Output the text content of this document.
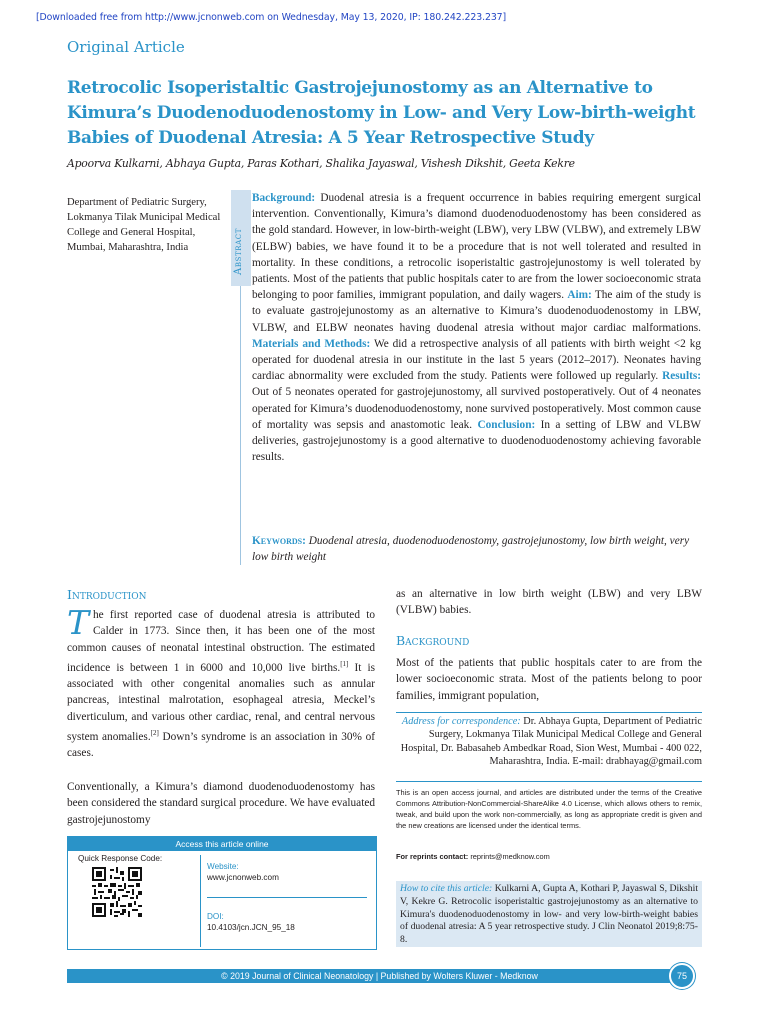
[Downloaded free from http://www.jcnonweb.com on Wednesday, May 13, 2020, IP: 180.242.223.237]
Original Article
Retrocolic Isoperistaltic Gastrojejunostomy as an Alternative to
Kimura’s Duodenoduodenostomy in Low- and Very Low-birth-weight
Babies of Duodenal Atresia: A 5 Year Retrospective Study
Apoorva Kulkarni, Abhaya Gupta, Paras Kothari, Shalika Jayaswal, Vishesh Dikshit, Geeta Kekre
Department of Pediatric Surgery, Lokmanya Tilak Municipal Medical College and General Hospital, Mumbai, Maharashtra, India	Abstract
Background: Duodenal atresia is a frequent occurrence in babies requiring emergent surgical intervention. Conventionally, Kimura’s diamond duodenoduodenostomy has been considered as the gold standard. However, in low-birth-weight (LBW), very LBW (VLBW), and extremely LBW (ELBW) babies, we have found it to be a procedure that is not well tolerated and resulted in mortality. In these conditions, a retrocolic isoperistaltic gastrojejunostomy is well tolerated by patients. Most of the patients that public hospitals cater to are from the lower socioeconomic strata belonging to poor families, immigrant population, and daily wagers. Aim: The aim of the study is to evaluate gastrojejunostomy as an alternative to Kimura’s duodenoduodenostomy in LBW, VLBW, and ELBW neonates having duodenal atresia without major cardiac malformations. Materials and Methods: We did a retrospective analysis of all patients with birth weight <2 kg operated for duodenal atresia in our institute in the last 5 years (2012–2017). Neonates having cardiac abnormality were excluded from the study. Patients were followed up regularly. Results: Out of 5 neonates operated for gastrojejunostomy, all survived postoperatively. Out of 4 neonates operated for Kimura’s duodenoduodenostomy, none survived postoperatively. Most common cause of mortality was sepsis and anastomotic leak. Conclusion: In a setting of LBW and VLBW deliveries, gastrojejunostomy is a good alternative to duodenoduodenostomy achieving favorable results.
Keywords: Duodenal atresia, duodenoduodenostomy, gastrojejunostomy, low birth weight, very low birth weight
Introduction
The first reported case of duodenal atresia is attributed to Calder in 1773. Since then, it has been one of the most common causes of neonatal intestinal obstruction. The estimated incidence is between 1 in 6000 and 10,000 live births.[1] It is associated with other congenital anomalies such as annular pancreas, intestinal malrotation, esophageal atresia, Meckel’s diverticulum, and various other cardiac, renal, and central nervous system anomalies.[2] Down’s syndrome is an association in 30% of cases.
Conventionally, a Kimura’s diamond duodenoduodenostomy has been considered the standard surgical procedure. We have evaluated gastrojejunostomy
as an alternative in low birth weight (LBW) and very LBW (VLBW) babies.
Background
Most of the patients that public hospitals cater to are from the lower socioeconomic strata. Most of the patients belong to poor families, immigrant population,
Access this article online
Quick Response Code:
Website:
www.jcnonweb.com
DOI:
10.4103/jcn.JCN_95_18
Address for correspondence: Dr. Abhaya Gupta, Department of Pediatric Surgery, Lokmanya Tilak Municipal Medical College and General Hospital, Dr. Babasaheb Ambedkar Road, Sion West, Mumbai - 400 022, Maharashtra, India. E-mail: drabhayag@gmail.com
This is an open access journal, and articles are distributed under the terms of the Creative Commons Attribution-NonCommercial-ShareAlike 4.0 License, which allows others to remix, tweak, and build upon the work non-commercially, as long as appropriate credit is given and the new creations are licensed under the identical terms.
For reprints contact: reprints@medknow.com
How to cite this article: Kulkarni A, Gupta A, Kothari P, Jayaswal S, Dikshit V, Kekre G. Retrocolic isoperistaltic gastrojejunostomy as an alternative to Kimura's duodenoduodenostomy in low- and very low-birth-weight babies of duodenal atresia: A 5 year retrospective study. J Clin Neonatol 2019;8:75-8.
© 2019 Journal of Clinical Neonatology | Published by Wolters Kluwer - Medknow	75
